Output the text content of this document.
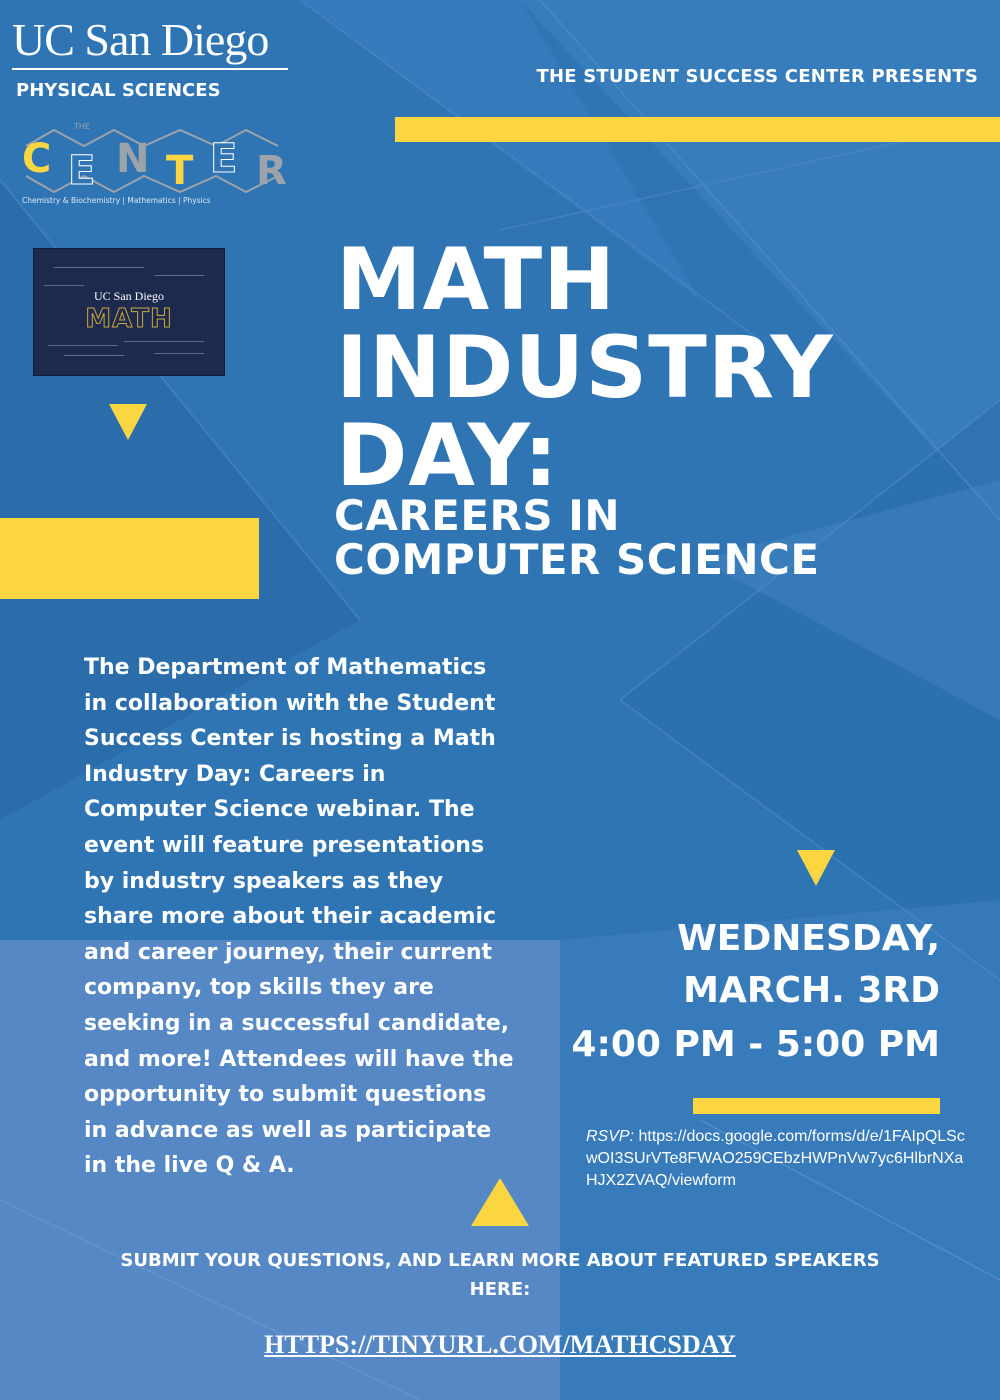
UC San Diego
PHYSICAL SCIENCES
THE
C E N T E R
Chemistry & Biochemistry | Mathematics | Physics
UC San Diego
MATH
THE STUDENT SUCCESS CENTER PRESENTS
MATH
INDUSTRY
DAY:
CAREERS IN
COMPUTER SCIENCE
The Department of Mathematics in collaboration with the Student Success Center is hosting a Math Industry Day: Careers in Computer Science webinar. The event will feature presentations by industry speakers as they share more about their academic and career journey, their current company, top skills they are seeking in a successful candidate, and more! Attendees will have the opportunity to submit questions in advance as well as participate in the live Q & A.
WEDNESDAY,
MARCH. 3RD
4:00 PM - 5:00 PM
RSVP: https://docs.google.com/forms/d/e/1FAIpQLScwOI3SUrVTe8FWAO259CEbzHWPnVw7yc6HlbrNXaHJX2ZVAQ/viewform
SUBMIT YOUR QUESTIONS, AND LEARN MORE ABOUT FEATURED SPEAKERS HERE:
HTTPS://TINYURL.COM/MATHCSDAY
